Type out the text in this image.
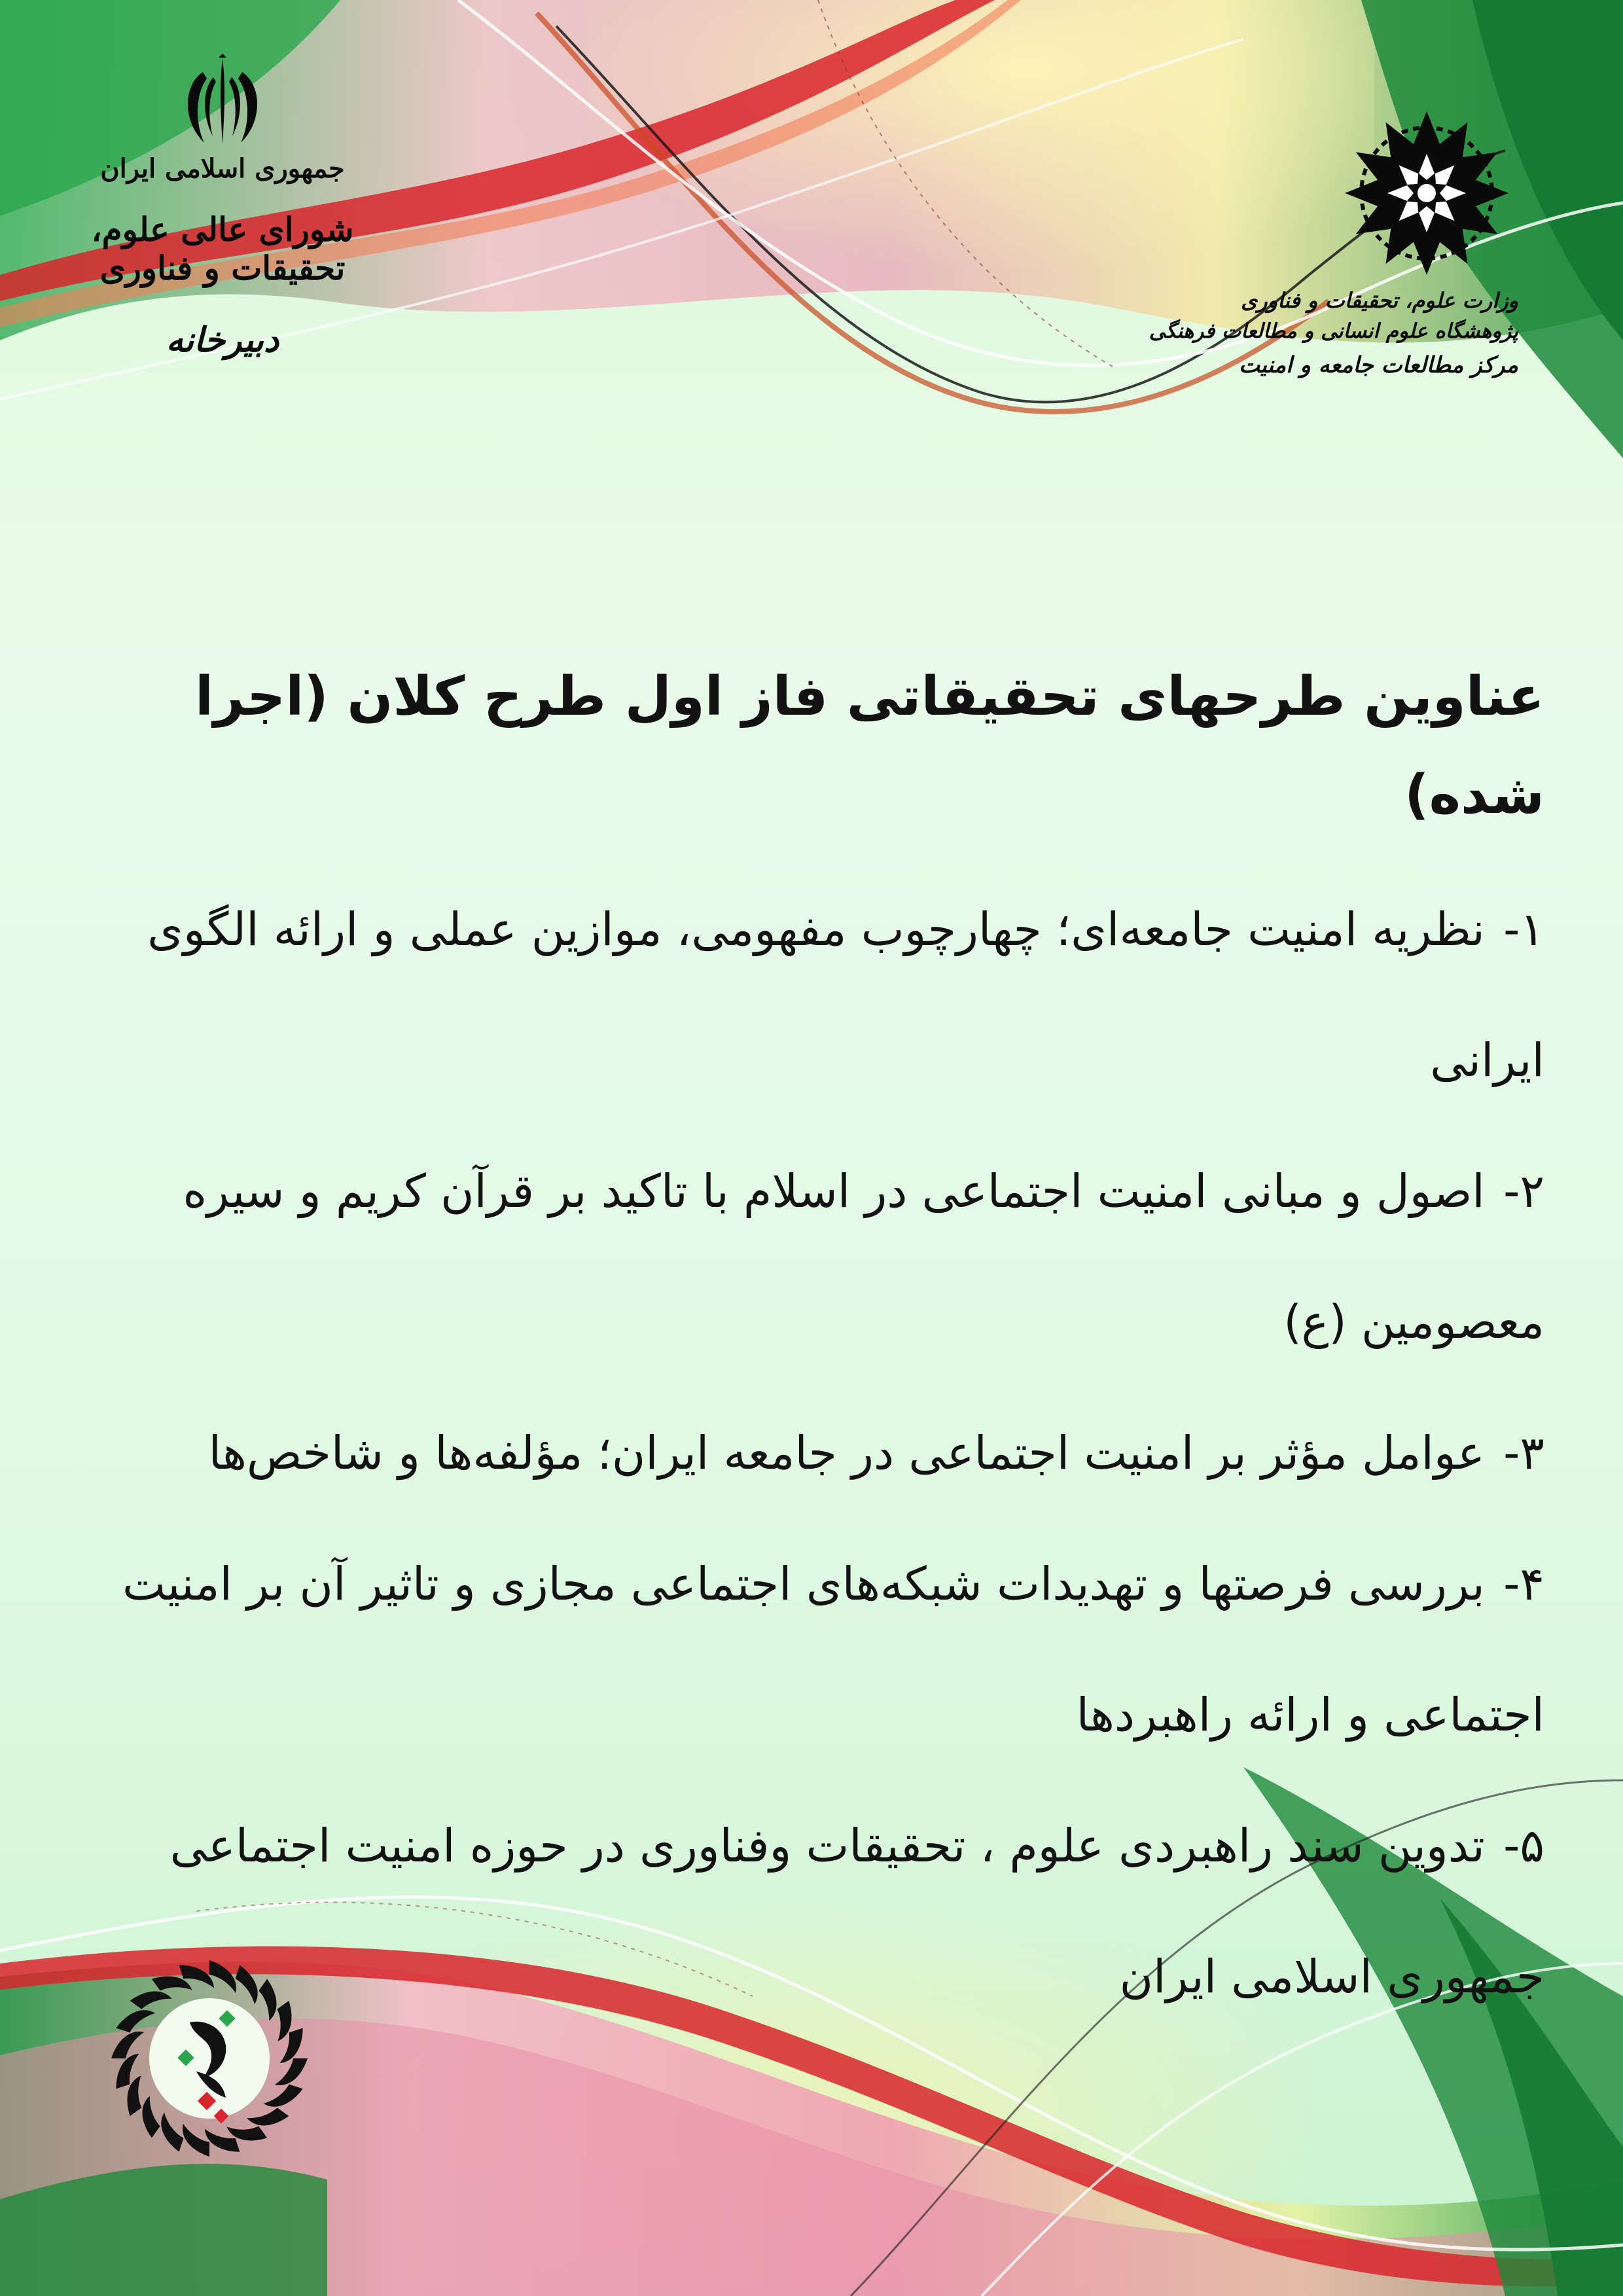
جمهوری اسلامی ایران
شورای عالی علوم، تحقیقات و فناوری
دبیرخانه
وزارت علوم، تحقیقات و فناوری
پژوهشگاه علوم انسانی و مطالعات فرهنگی
مرکز مطالعات جامعه و امنیت
عناوین طرحهای تحقیقاتی فاز اول طرح کلان (اجرا شده)

۱- نظریه امنیت جامعه‌ای؛ چهارچوب مفهومی، موازین عملی و ارائه الگوی ایرانی

۲- اصول و مبانی امنیت اجتماعی در اسلام با تاکید بر قرآن کریم و سیره معصومین (ع)

۳- عوامل مؤثر بر امنیت اجتماعی در جامعه ایران؛ مؤلفه‌ها و شاخص‌ها

۴- بررسی فرصتها و تهدیدات شبکه‌های اجتماعی مجازی و تاثیر آن بر امنیت اجتماعی و ارائه راهبردها

۵- تدوین سند راهبردی علوم ، تحقیقات وفناوری در حوزه امنیت اجتماعی جمهوری اسلامی ایران
